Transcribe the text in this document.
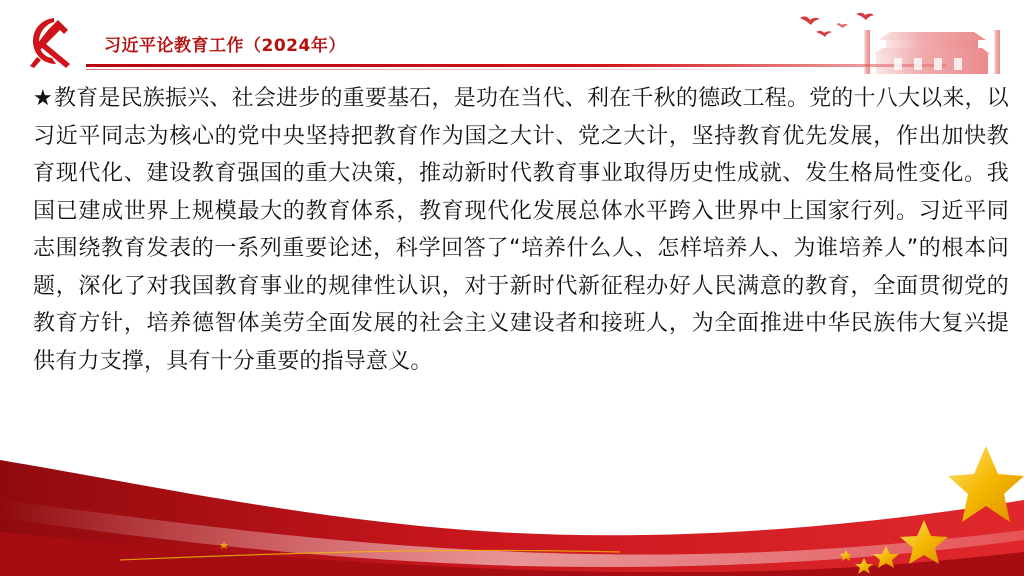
习近平论教育工作（2024年）
★教育是民族振兴、社会进步的重要基石，是功在当代、利在千秋的德政工程。党的十八大以来，以习近平同志为核心的党中央坚持把教育作为国之大计、党之大计，坚持教育优先发展，作出加快教育现代化、建设教育强国的重大决策，推动新时代教育事业取得历史性成就、发生格局性变化。我国已建成世界上规模最大的教育体系，教育现代化发展总体水平跨入世界中上国家行列。习近平同志围绕教育发表的一系列重要论述，科学回答了“培养什么人、怎样培养人、为谁培养人”的根本问题，深化了对我国教育事业的规律性认识，对于新时代新征程办好人民满意的教育，全面贯彻党的教育方针，培养德智体美劳全面发展的社会主义建设者和接班人，为全面推进中华民族伟大复兴提供有力支撑，具有十分重要的指导意义。
